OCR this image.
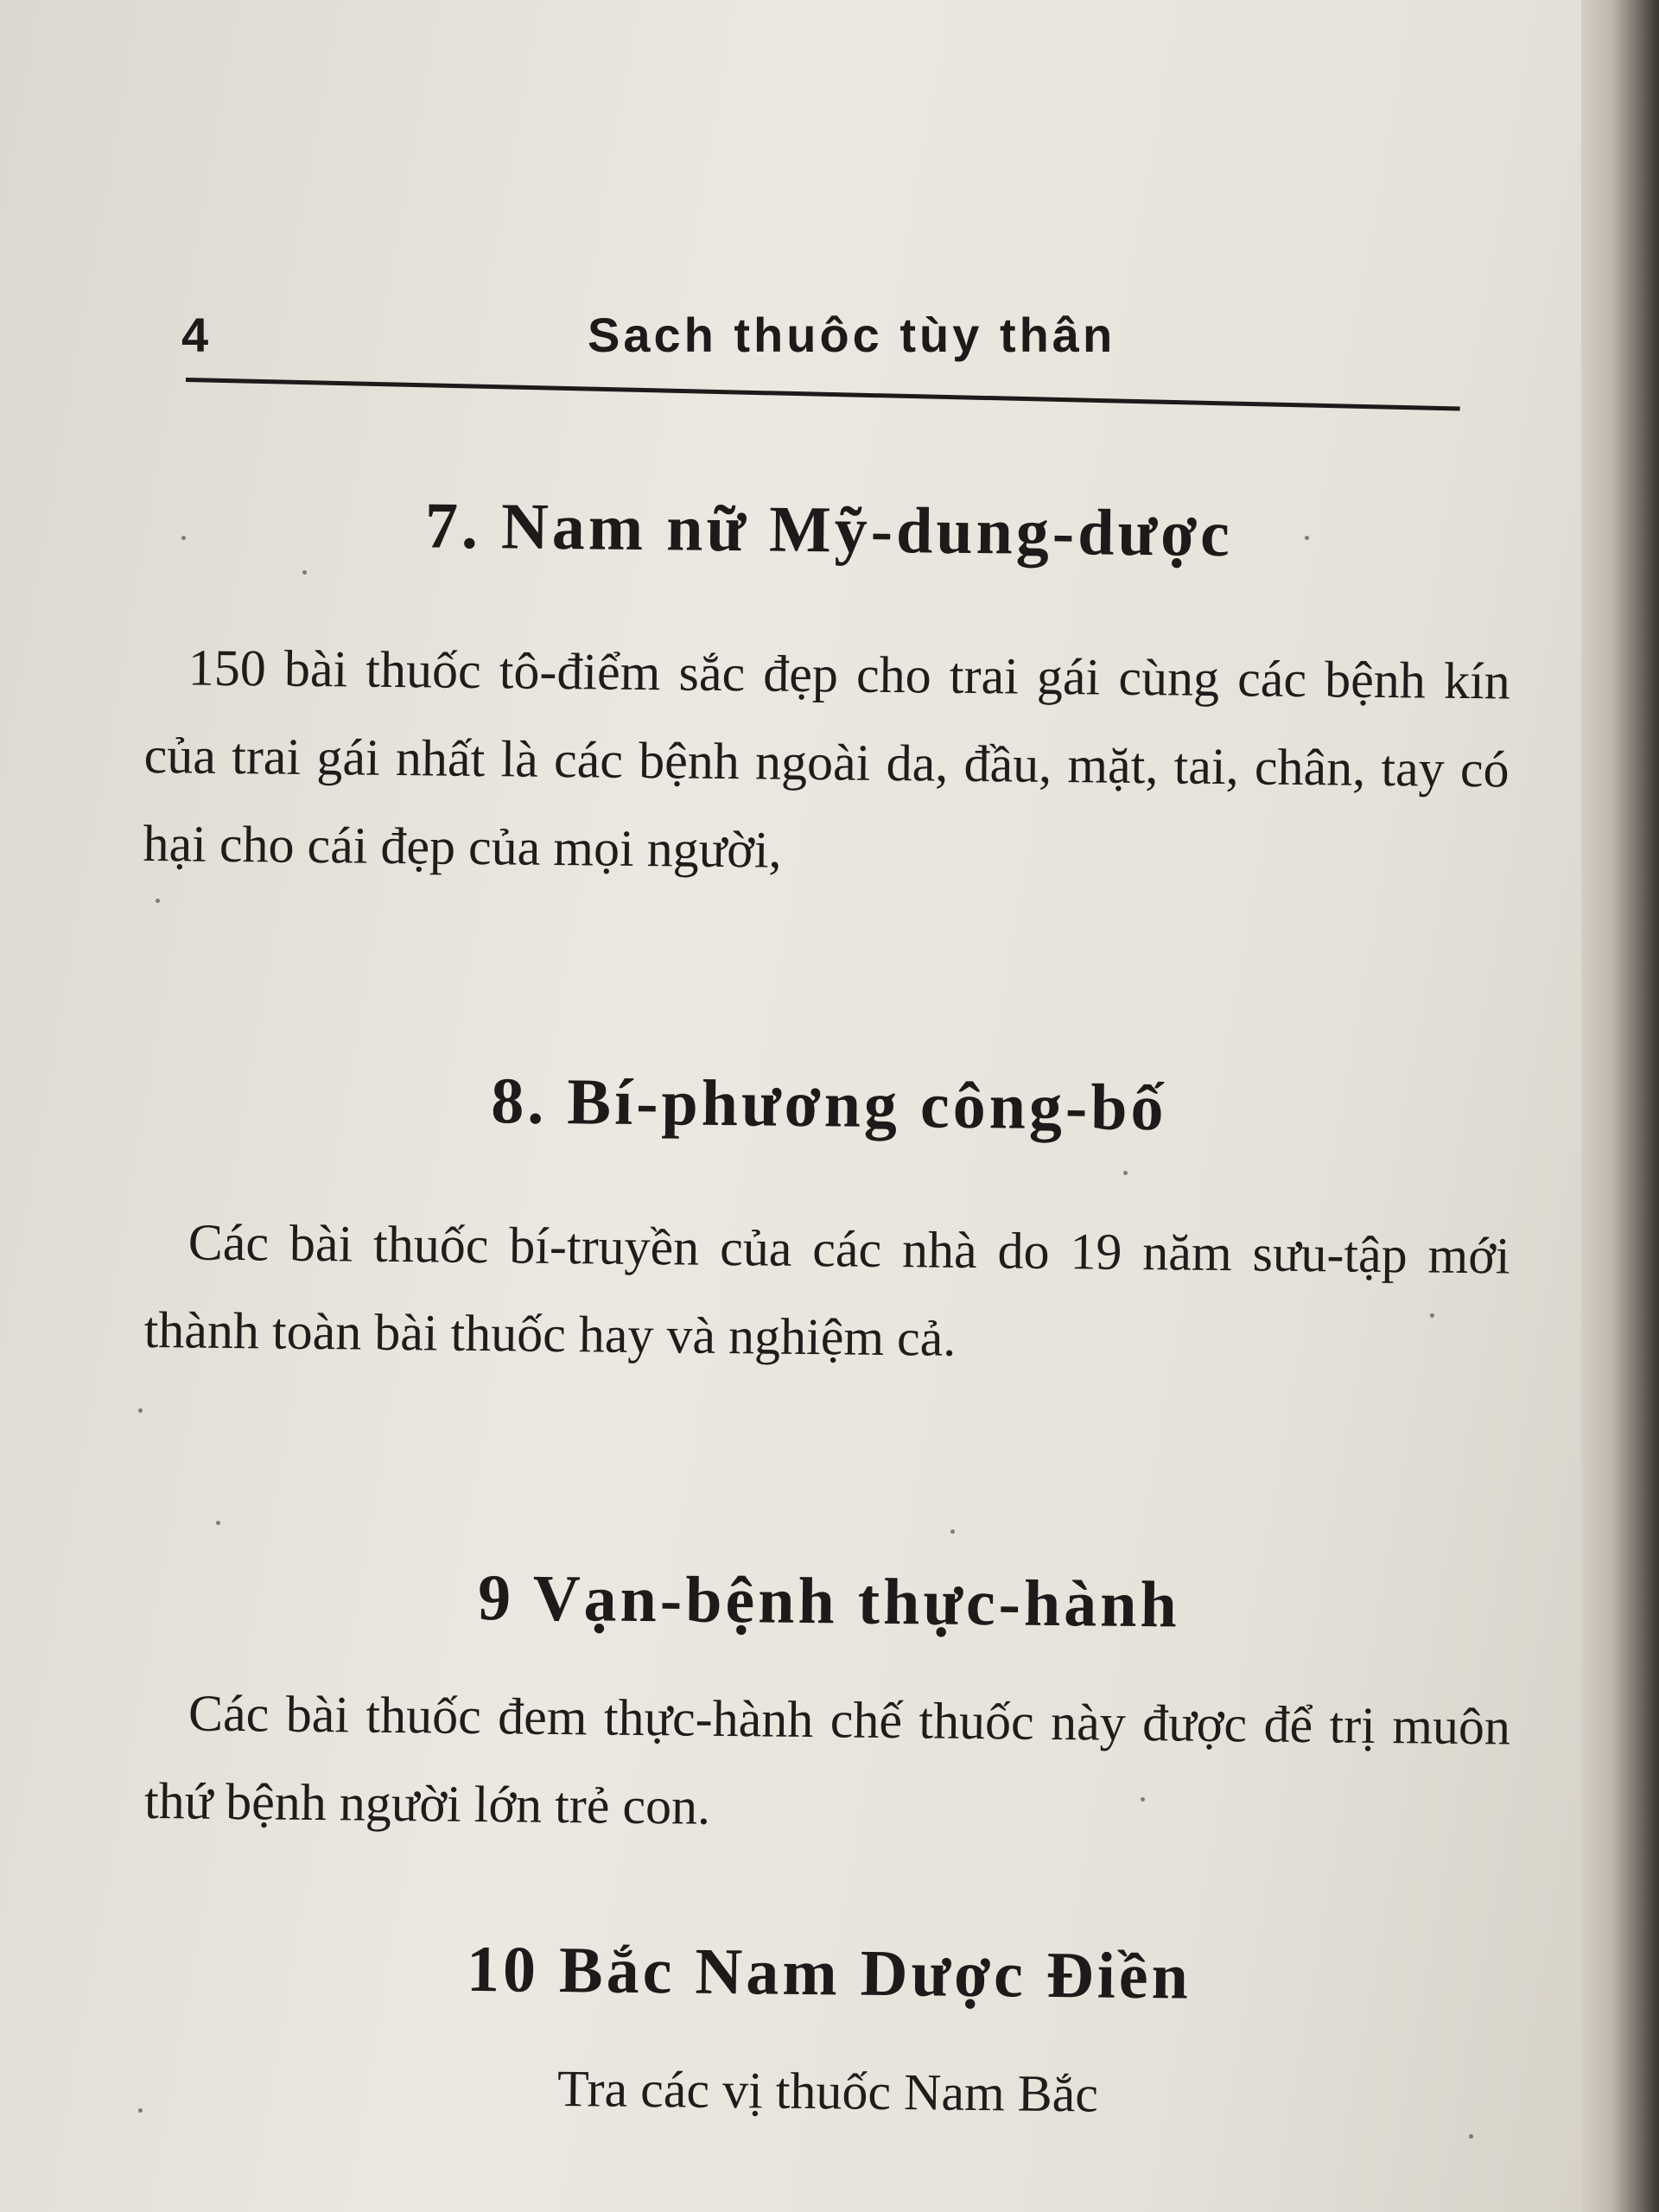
4	Sach thuôc tùy thân
7. Nam nữ Mỹ-dung-dược

150 bài thuốc tô-điểm sắc đẹp cho trai gái cùng các bệnh kín của trai gái nhất là các bệnh ngoài da, đầu, mặt, tai, chân, tay có hại cho cái đẹp của mọi người,

8. Bí-phương công-bố

Các bài thuốc bí-truyền của các nhà do 19 năm sưu-tập mới thành toàn bài thuốc hay và nghiệm cả.

9 Vạn-bệnh thực-hành

Các bài thuốc đem thực-hành chế thuốc này được để trị muôn thứ bệnh người lớn trẻ con.

10 Bắc Nam Dược Điền

Tra các vị thuốc Nam Bắc
